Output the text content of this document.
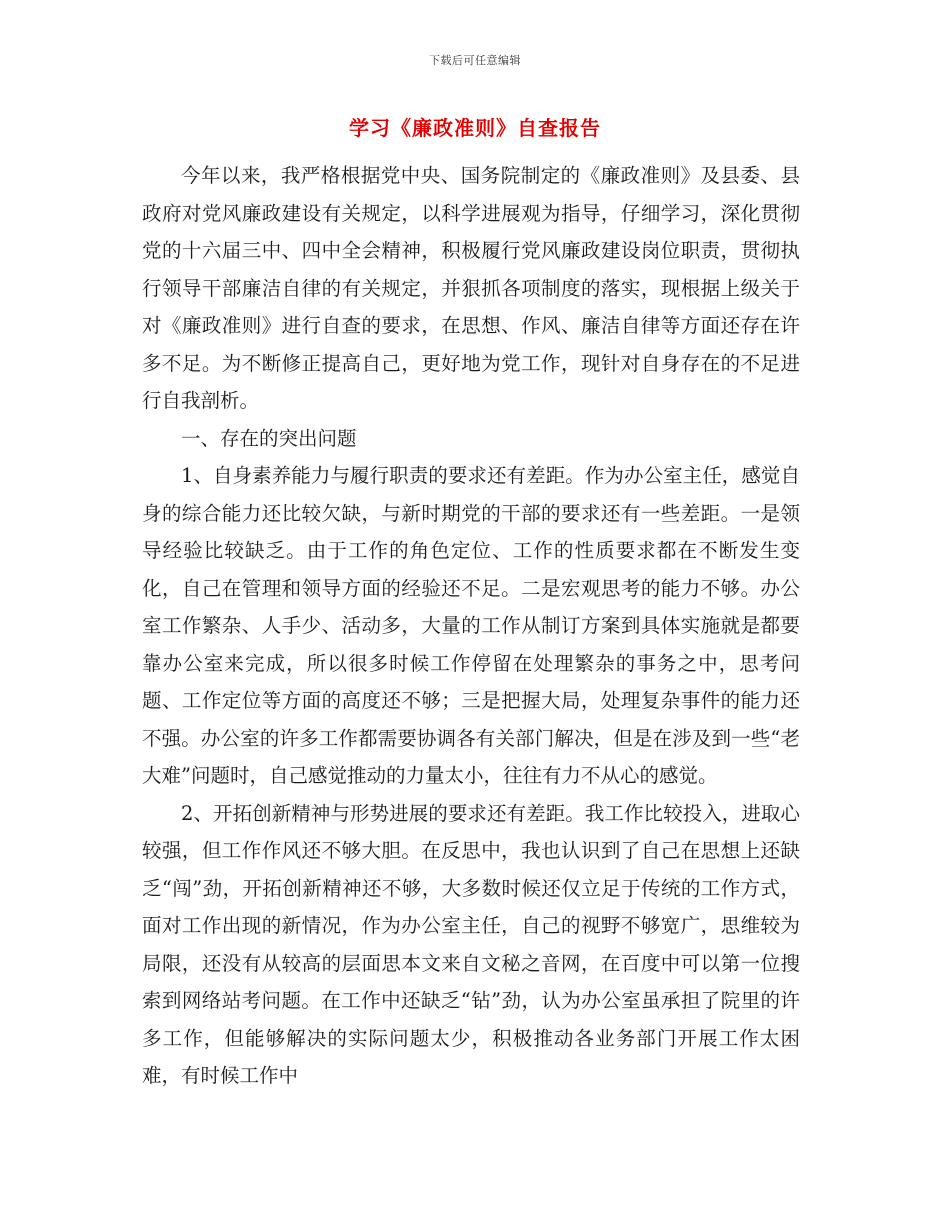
下载后可任意编辑
学习《廉政准则》自查报告

今年以来，我严格根据党中央、国务院制定的《廉政准则》及县委、县政府对党风廉政建设有关规定，以科学进展观为指导，仔细学习，深化贯彻党的十六届三中、四中全会精神，积极履行党风廉政建设岗位职责，贯彻执行领导干部廉洁自律的有关规定，并狠抓各项制度的落实，现根据上级关于对《廉政准则》进行自查的要求，在思想、作风、廉洁自律等方面还存在许多不足。为不断修正提高自己，更好地为党工作，现针对自身存在的不足进行自我剖析。

一、存在的突出问题

1、自身素养能力与履行职责的要求还有差距。作为办公室主任，感觉自身的综合能力还比较欠缺，与新时期党的干部的要求还有一些差距。一是领导经验比较缺乏。由于工作的角色定位、工作的性质要求都在不断发生变化，自己在管理和领导方面的经验还不足。二是宏观思考的能力不够。办公室工作繁杂、人手少、活动多，大量的工作从制订方案到具体实施就是都要靠办公室来完成，所以很多时候工作停留在处理繁杂的事务之中，思考问题、工作定位等方面的高度还不够；三是把握大局，处理复杂事件的能力还不强。办公室的许多工作都需要协调各有关部门解决，但是在涉及到一些“老大难”问题时，自己感觉推动的力量太小，往往有力不从心的感觉。

2、开拓创新精神与形势进展的要求还有差距。我工作比较投入，进取心较强，但工作作风还不够大胆。在反思中，我也认识到了自己在思想上还缺乏“闯”劲，开拓创新精神还不够，大多数时候还仅立足于传统的工作方式，面对工作出现的新情况，作为办公室主任，自己的视野不够宽广，思维较为局限，还没有从较高的层面思本文来自文秘之音网，在百度中可以第一位搜索到网络站考问题。在工作中还缺乏“钻”劲，认为办公室虽承担了院里的许多工作，但能够解决的实际问题太少，积极推动各业务部门开展工作太困难，有时候工作中
